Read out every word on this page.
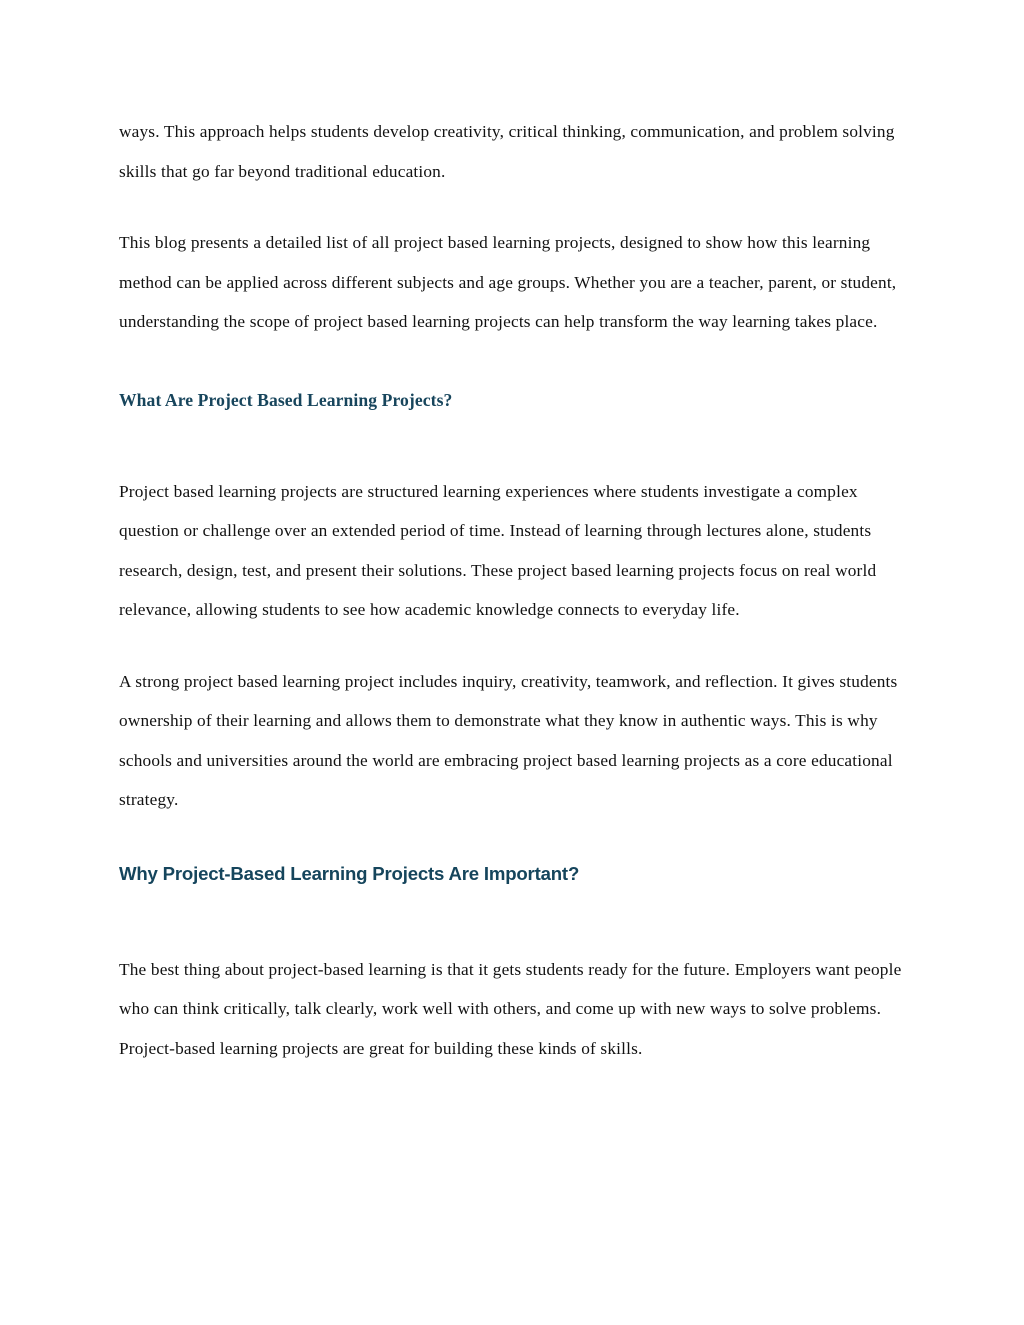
ways. This approach helps students develop creativity, critical thinking, communication, and problem solving skills that go far beyond traditional education.

This blog presents a detailed list of all project based learning projects, designed to show how this learning method can be applied across different subjects and age groups. Whether you are a teacher, parent, or student, understanding the scope of project based learning projects can help transform the way learning takes place.

What Are Project Based Learning Projects?

Project based learning projects are structured learning experiences where students investigate a complex question or challenge over an extended period of time. Instead of learning through lectures alone, students research, design, test, and present their solutions. These project based learning projects focus on real world relevance, allowing students to see how academic knowledge connects to everyday life.

A strong project based learning project includes inquiry, creativity, teamwork, and reflection. It gives students ownership of their learning and allows them to demonstrate what they know in authentic ways. This is why schools and universities around the world are embracing project based learning projects as a core educational strategy.

Why Project-Based Learning Projects Are Important?

The best thing about project-based learning is that it gets students ready for the future. Employers want people who can think critically, talk clearly, work well with others, and come up with new ways to solve problems. Project-based learning projects are great for building these kinds of skills.
